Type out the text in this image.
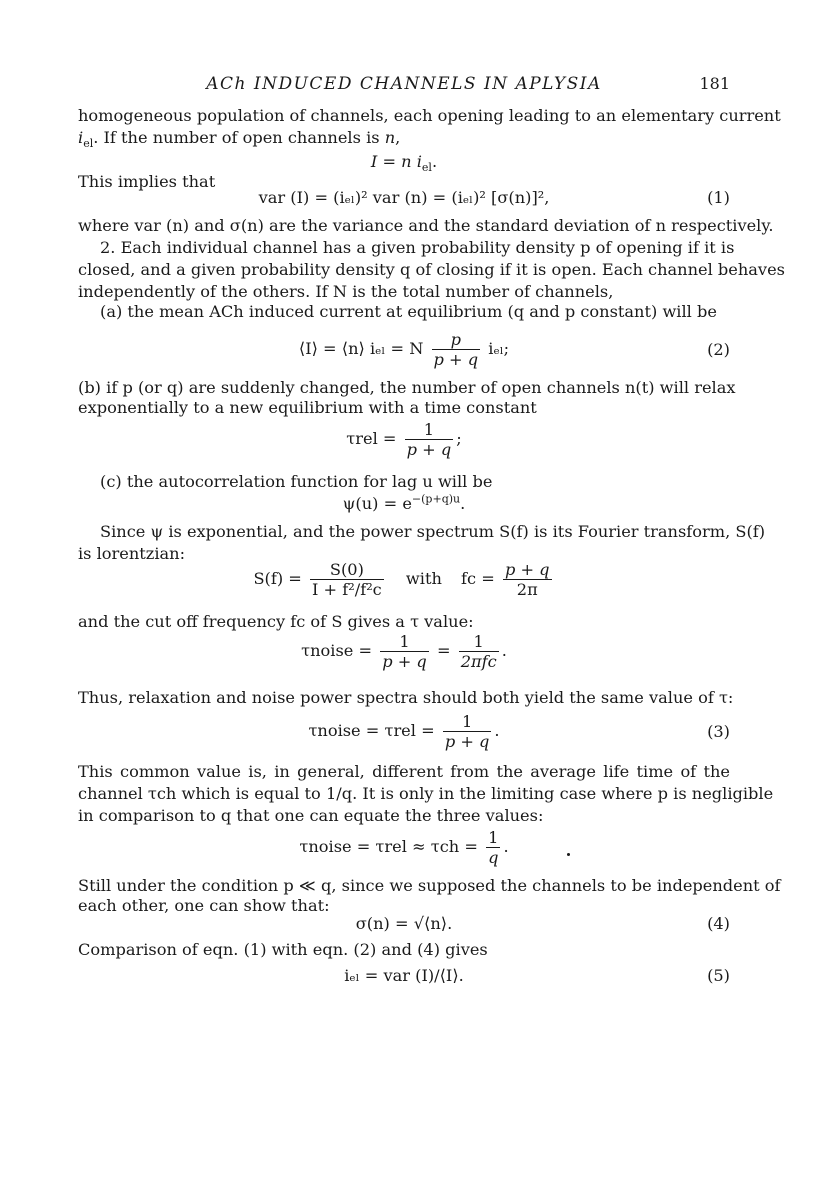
ACh INDUCED CHANNELS IN APLYSIA	181
homogeneous population of channels, each opening leading to an elementary current
$i_{el}$. If the number of open channels is n,
I = n $i_{el}$.
This implies that
var (I) = (iₑₗ)² var (n) = (iₑₗ)² [σ(n)]²,	(1)
where var (n) and σ(n) are the variance and the standard deviation of n respectively.
2. Each individual channel has a given probability density p of opening if it is
closed, and a given probability density q of closing if it is open. Each channel behaves
independently of the others. If N is the total number of channels,
(a) the mean ACh induced current at equilibrium (q and p constant) will be
⟨I⟩ = ⟨n⟩ iₑₗ = N $\frac{p}{p + q} i_{el}$;	(2)
(b) if p (or q) are suddenly changed, the number of open channels n(t) will relax
exponentially to a new equilibrium with a time constant
$\tau rel = \frac{1}{p + q}$ ;
(c) the autocorrelation function for lag u will be
$\psi(u) = e^{-(p+q)u}$.
Since ψ is exponential, and the power spectrum S(f) is its Fourier transform, S(f)
is lorentzian:
$S(f) = \frac{S(0)}{\text{I + f²/f²c}}$ with fc = $\frac{p + q}{2\pi}$
and the cut off frequency fc of S gives a τ value:
τnoise = $\frac{1}{p + q} = \frac{1}{\text{2πfc}}$ .
Thus, relaxation and noise power spectra should both yield the same value of τ:
τnoise = $\tau rel = \frac{1}{p + q}$ .	(3)
This common value is, in general, different from the average life time of the
channel τch which is equal to 1/q. It is only in the limiting case where p is negligible
in comparison to q that one can equate the three values:
τnoise = $\tau rel \approx \tau ch = \frac{1}{q}$ .
Still under the condition p ≪ q, since we supposed the channels to be independent of
each other, one can show that:
σ(n) = √⟨n⟩.	(4)
Comparison of eqn. (1) with eqn. (2) and (4) gives
iₑₗ = var (I)/⟨I⟩.	(5)
